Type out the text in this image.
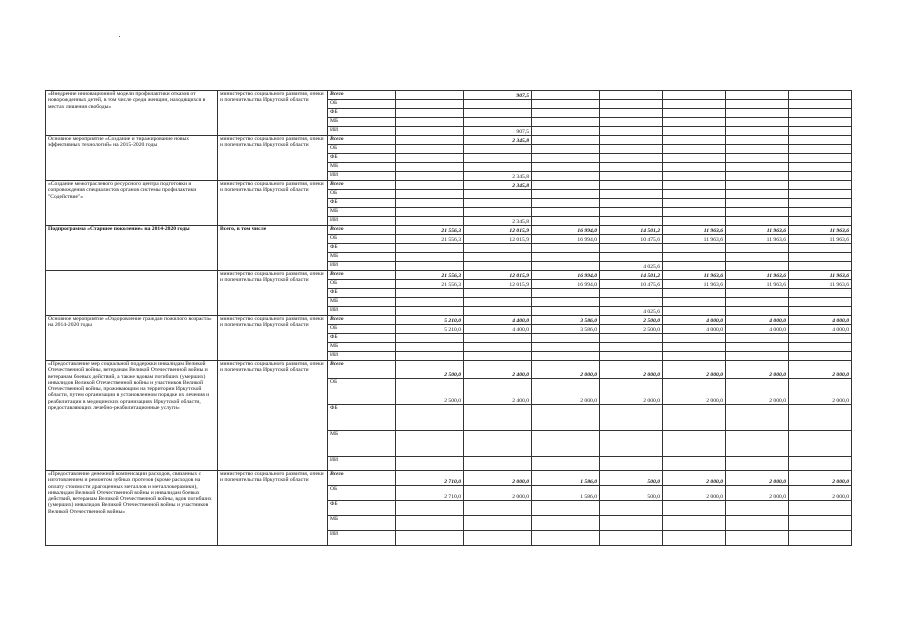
«Внедрение инновационной модели профилактики отказов от новорожденных детей, в том числе среди женщин, находящихся в местах лишения свободы»	министерство социального развития, опеки и попечительства Иркутской области	Всего		907,5					
		ОБ							
		ФБ							
		МБ							
		ИИ		907,5					
Основное мероприятие «Создание и тиражирование новых эффективных технологий» на 2015-2020 годы	министерство социального развития, опеки и попечительства Иркутской области	Всего		2 345,8					
		ОБ							
		ФБ							
		МБ							
		ИИ		2 345,8					
«Создание межотраслевого ресурсного центра подготовки и сопровождения специалистов органов системы профилактики "Содействие"»	министерство социального развития, опеки и попечительства Иркутской области	Всего		2 345,8					
		ОБ							
		ФБ							
		МБ							
		ИИ		2 345,8					
Подпрограмма «Старшее поколение» на 2014-2020 годы	Всего, в том числе	Всего	21 556,3	12 015,9	16 994,0	14 501,2	11 963,6	11 963,6	11 963,6
		ОБ	21 556,3	12 015,9	16 994,0	10 475,6	11 963,6	11 963,6	11 963,6
		ФБ							
		МБ							
		ИИ				4 025,6			
	министерство социального развития, опеки и попечительства Иркутской области	Всего	21 556,3	12 015,9	16 994,0	14 501,2	11 963,6	11 963,6	11 963,6
		ОБ	21 556,3	12 015,9	16 994,0	10 475,6	11 963,6	11 963,6	11 963,6
		ФБ							
		МБ							
		ИИ				4 025,6			
Основное мероприятие «Оздоровление граждан пожилого возраста» на 2014-2020 годы	министерство социального развития, опеки и попечительства Иркутской области	Всего	5 210,0	4 400,0	3 586,0	2 500,0	4 000,0	4 000,0	4 000,0
		ОБ	5 210,0	4 400,0	3 586,0	2 500,0	4 000,0	4 000,0	4 000,0
		ФБ							
		МБ							
		ИИ							
«Предоставление мер социальной поддержки инвалидам Великой Отечественной войны, ветеранам Великой Отечественной войны и ветеранам боевых действий, а также вдовам погибших (умерших) инвалидов Великой Отечественной войны и участников Великой Отечественной войны, проживающим на территории Иркутской области, путем организации в установленном порядке их лечения и реабилитации в медицинских организациях Иркутской области, предоставляющих лечебно-реабилитационные услуги»	министерство социального развития, опеки и попечительства Иркутской области	Всего	2 500,0	2 400,0	2 000,0	2 000,0	2 000,0	2 000,0	2 000,0
		ОБ	2 500,0	2 400,0	2 000,0	2 000,0	2 000,0	2 000,0	2 000,0
		ФБ							
		МБ							
		ИИ							
«Предоставление денежной компенсации расходов, связанных с изготовлением и ремонтом зубных протезов (кроме расходов на оплату стоимости драгоценных металлов и металлокерамики), инвалидам Великой Отечественной войны и инвалидам боевых действий, ветеранам Великой Отечественной войны, вдов погибших (умерших) инвалидов Великой Отечественной войны и участников Великой Отечественной войны»	министерство социального развития, опеки и попечительства Иркутской области	Всего	2 710,0	2 000,0	1 586,0	500,0	2 000,0	2 000,0	2 000,0
		ОБ	2 710,0	2 000,0	1 586,0	500,0	2 000,0	2 000,0	2 000,0
		ФБ							
		МБ							
		ИИ							
